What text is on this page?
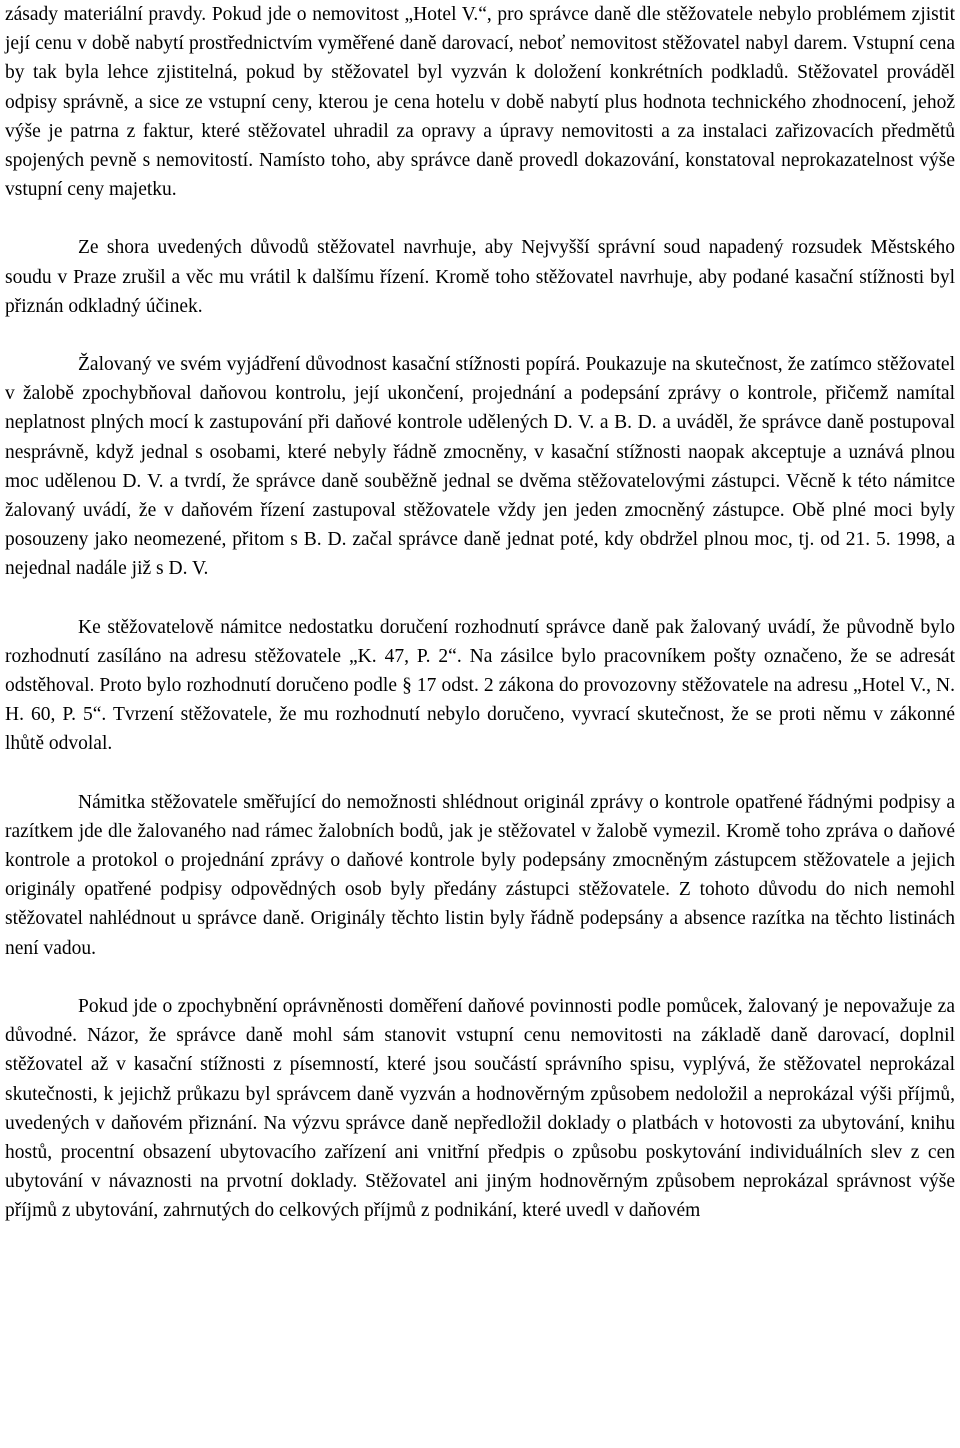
zásady materiální pravdy. Pokud jde o nemovitost „Hotel V.“, pro správce daně dle stěžovatele nebylo problémem zjistit její cenu v době nabytí prostřednictvím vyměřené daně darovací, neboť nemovitost stěžovatel nabyl darem. Vstupní cena by tak byla lehce zjistitelná, pokud by stěžovatel byl vyzván k doložení konkrétních podkladů. Stěžovatel prováděl odpisy správně, a sice ze vstupní ceny, kterou je cena hotelu v době nabytí plus hodnota technického zhodnocení, jehož výše je patrna z faktur, které stěžovatel uhradil za opravy a úpravy nemovitosti a za instalaci zařizovacích předmětů spojených pevně s nemovitostí. Namísto toho, aby správce daně provedl dokazování, konstatoval neprokazatelnost výše vstupní ceny majetku.

Ze shora uvedených důvodů stěžovatel navrhuje, aby Nejvyšší správní soud napadený rozsudek Městského soudu v Praze zrušil a věc mu vrátil k dalšímu řízení. Kromě toho stěžovatel navrhuje, aby podané kasační stížnosti byl přiznán odkladný účinek.

Žalovaný ve svém vyjádření důvodnost kasační stížnosti popírá. Poukazuje na skutečnost, že zatímco stěžovatel v žalobě zpochybňoval daňovou kontrolu, její ukončení, projednání a podepsání zprávy o kontrole, přičemž namítal neplatnost plných mocí k zastupování při daňové kontrole udělených D. V. a B. D. a uváděl, že správce daně postupoval nesprávně, když jednal s osobami, které nebyly řádně zmocněny, v kasační stížnosti naopak akceptuje a uznává plnou moc udělenou D. V. a tvrdí, že správce daně souběžně jednal se dvěma stěžovatelovými zástupci. Věcně k této námitce žalovaný uvádí, že v daňovém řízení zastupoval stěžovatele vždy jen jeden zmocněný zástupce. Obě plné moci byly posouzeny jako neomezené, přitom s B. D. začal správce daně jednat poté, kdy obdržel plnou moc, tj. od 21. 5. 1998, a nejednal nadále již s D. V.

Ke stěžovatelově námitce nedostatku doručení rozhodnutí správce daně pak žalovaný uvádí, že původně bylo rozhodnutí zasíláno na adresu stěžovatele „K. 47, P. 2“. Na zásilce bylo pracovníkem pošty označeno, že se adresát odstěhoval. Proto bylo rozhodnutí doručeno podle § 17 odst. 2 zákona do provozovny stěžovatele na adresu „Hotel V., N. H. 60, P. 5“. Tvrzení stěžovatele, že mu rozhodnutí nebylo doručeno, vyvrací skutečnost, že se proti němu v zákonné lhůtě odvolal.

Námitka stěžovatele směřující do nemožnosti shlédnout originál zprávy o kontrole opatřené řádnými podpisy a razítkem jde dle žalovaného nad rámec žalobních bodů, jak je stěžovatel v žalobě vymezil. Kromě toho zpráva o daňové kontrole a protokol o projednání zprávy o daňové kontrole byly podepsány zmocněným zástupcem stěžovatele a jejich originály opatřené podpisy odpovědných osob byly předány zástupci stěžovatele. Z tohoto důvodu do nich nemohl stěžovatel nahlédnout u správce daně. Originály těchto listin byly řádně podepsány a absence razítka na těchto listinách není vadou.

Pokud jde o zpochybnění oprávněnosti doměření daňové povinnosti podle pomůcek, žalovaný je nepovažuje za důvodné. Názor, že správce daně mohl sám stanovit vstupní cenu nemovitosti na základě daně darovací, doplnil stěžovatel až v kasační stížnosti z písemností, které jsou součástí správního spisu, vyplývá, že stěžovatel neprokázal skutečnosti, k jejichž průkazu byl správcem daně vyzván a hodnověrným způsobem nedoložil a neprokázal výši příjmů, uvedených v daňovém přiznání. Na výzvu správce daně nepředložil doklady o platbách v hotovosti za ubytování, knihu hostů, procentní obsazení ubytovacího zařízení ani vnitřní předpis o způsobu poskytování individuálních slev z cen ubytování v návaznosti na prvotní doklady. Stěžovatel ani jiným hodnověrným způsobem neprokázal správnost výše příjmů z ubytování, zahrnutých do celkových příjmů z podnikání, které uvedl v daňovém
